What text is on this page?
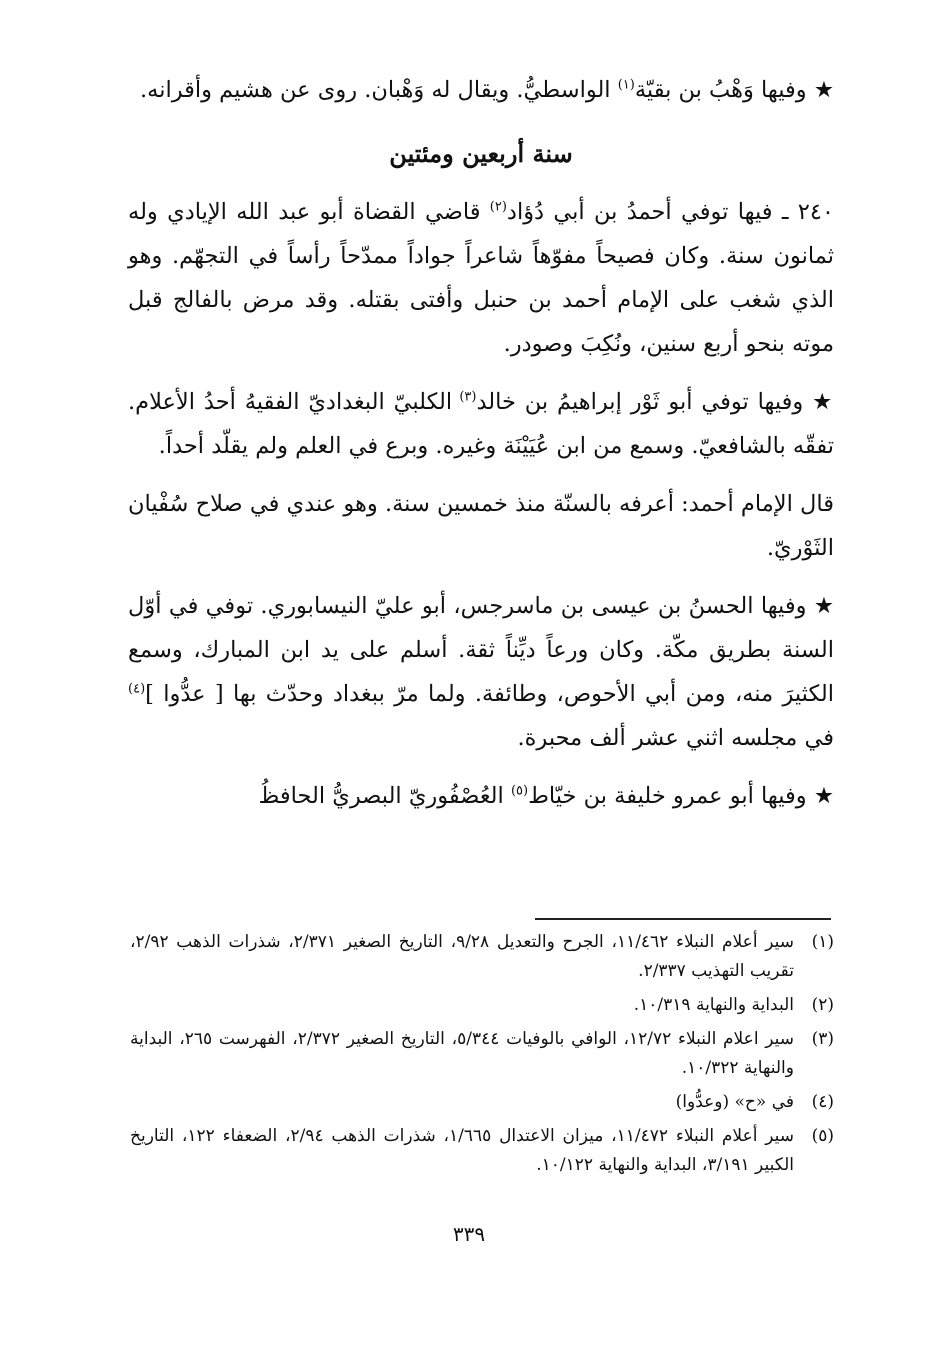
★ وفيها وَهْبُ بن بقيّة$^{(١)}$ الواسطيُّ. ويقال له وَهْبان. روى عن هشيم وأقرانه.

سنة أربعين ومئتين

٢٤٠ ـ فيها توفي أحمدُ بن أبي دُؤاد$^{(٢)}$ قاضي القضاة أبو عبد الله الإيادي وله ثمانون سنة. وكان فصيحاً مفوّهاً شاعراً جواداً ممدّحاً رأساً في التجهّم. وهو الذي شغب على الإمام أحمد بن حنبل وأفتى بقتله. وقد مرض بالفالج قبل موته بنحو أربع سنين، ونُكِبَ وصودر.

★ وفيها توفي أبو ثَوْر إبراهيمُ بن خالد$^{(٣)}$ الكلبيّ البغداديّ الفقيهُ أحدُ الأعلام. تفقّه بالشافعيّ. وسمع من ابن عُيَيْنَة وغيره. وبرع في العلم ولم يقلّد أحداً.

قال الإمام أحمد: أعرفه بالسنّة منذ خمسين سنة. وهو عندي في صلاح سُفْيان الثَوْريّ.

★ وفيها الحسنُ بن عيسى بن ماسرجس، أبو عليّ النيسابوري. توفي في أوّل السنة بطريق مكّة. وكان ورعاً ديِّناً ثقة. أسلم على يد ابن المبارك، وسمع الكثيرَ منه، ومن أبي الأحوص، وطائفة. ولما مرّ ببغداد وحدّث بها [ عدُّوا ]$^{(٤)}$ في مجلسه اثني عشر ألف محبرة.

★ وفيها أبو عمرو خليفة بن خيّاط$^{(٥)}$ العُصْفُوريّ البصريُّ الحافظُ

(١)
سير أعلام النبلاء ١١/٤٦٢، الجرح والتعديل ٩/٢٨، التاريخ الصغير ٢/٣٧١، شذرات الذهب ٢/٩٢، تقريب التهذيب ٢/٣٣٧.

(٢)
البداية والنهاية ١٠/٣١٩.

(٣)
سير اعلام النبلاء ١٢/٧٢، الوافي بالوفيات ٥/٣٤٤، التاريخ الصغير ٢/٣٧٢، الفهرست ٢٦٥، البداية والنهاية ١٠/٣٢٢.

(٤)
في «ح» (وعدُّوا)

(٥)
سير أعلام النبلاء ١١/٤٧٢، ميزان الاعتدال ١/٦٦٥، شذرات الذهب ٢/٩٤، الضعفاء ١٢٢، التاريخ الكبير ٣/١٩١، البداية والنهاية ١٠/١٢٢.

٣٣٩
